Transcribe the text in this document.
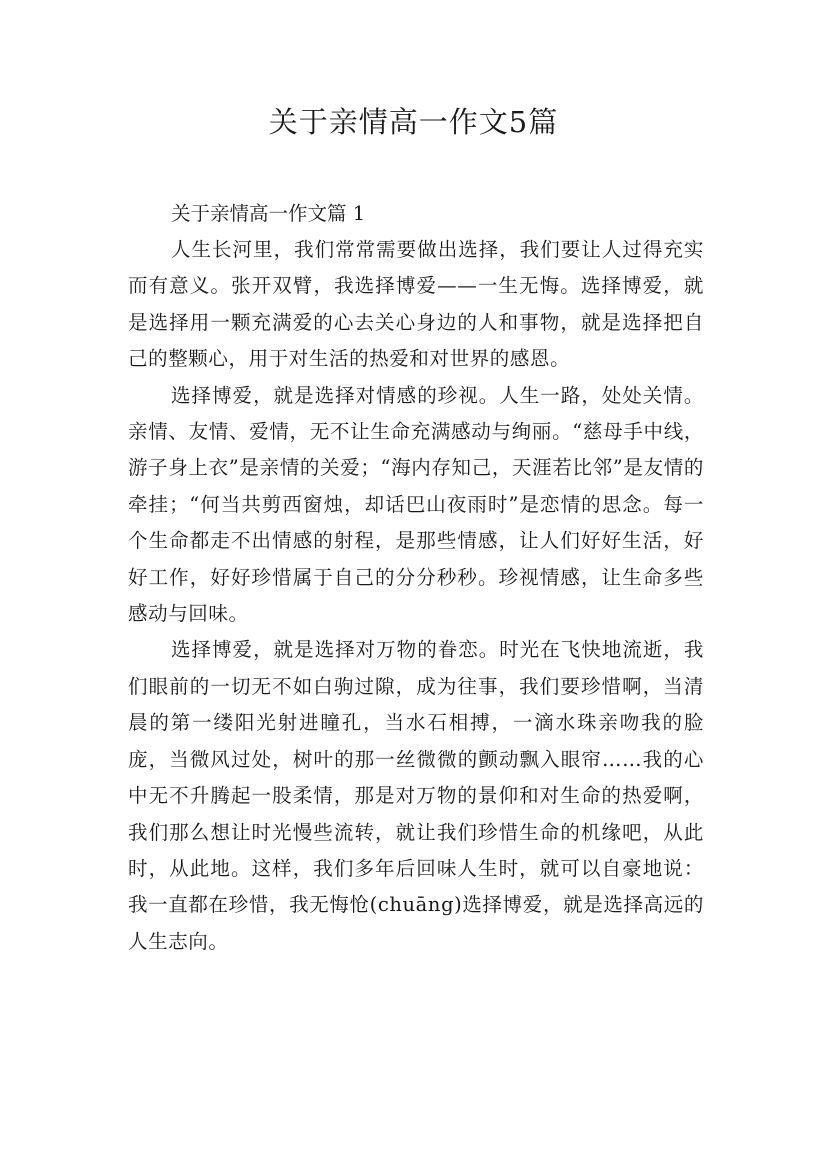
关于亲情高一作文5篇

关于亲情高一作文篇 1

人生长河里，我们常常需要做出选择，我们要让人过得充实而有意义。张开双臂，我选择博爱——一生无悔。选择博爱，就是选择用一颗充满爱的心去关心身边的人和事物，就是选择把自己的整颗心，用于对生活的热爱和对世界的感恩。

选择博爱，就是选择对情感的珍视。人生一路，处处关情。亲情、友情、爱情，无不让生命充满感动与绚丽。“慈母手中线，游子身上衣”是亲情的关爱；“海内存知己，天涯若比邻”是友情的牵挂；“何当共剪西窗烛，却话巴山夜雨时”是恋情的思念。每一个生命都走不出情感的射程，是那些情感，让人们好好生活，好好工作，好好珍惜属于自己的分分秒秒。珍视情感，让生命多些感动与回味。

选择博爱，就是选择对万物的眷恋。时光在飞快地流逝，我们眼前的一切无不如白驹过隙，成为往事，我们要珍惜啊，当清晨的第一缕阳光射进瞳孔，当水石相搏，一滴水珠亲吻我的脸庞，当微风过处，树叶的那一丝微微的颤动飘入眼帘……我的心中无不升腾起一股柔情，那是对万物的景仰和对生命的热爱啊，我们那么想让时光慢些流转，就让我们珍惜生命的机缘吧，从此时，从此地。这样，我们多年后回味人生时，就可以自豪地说：我一直都在珍惜，我无悔怆(chuāng)选择博爱，就是选择高远的人生志向。
